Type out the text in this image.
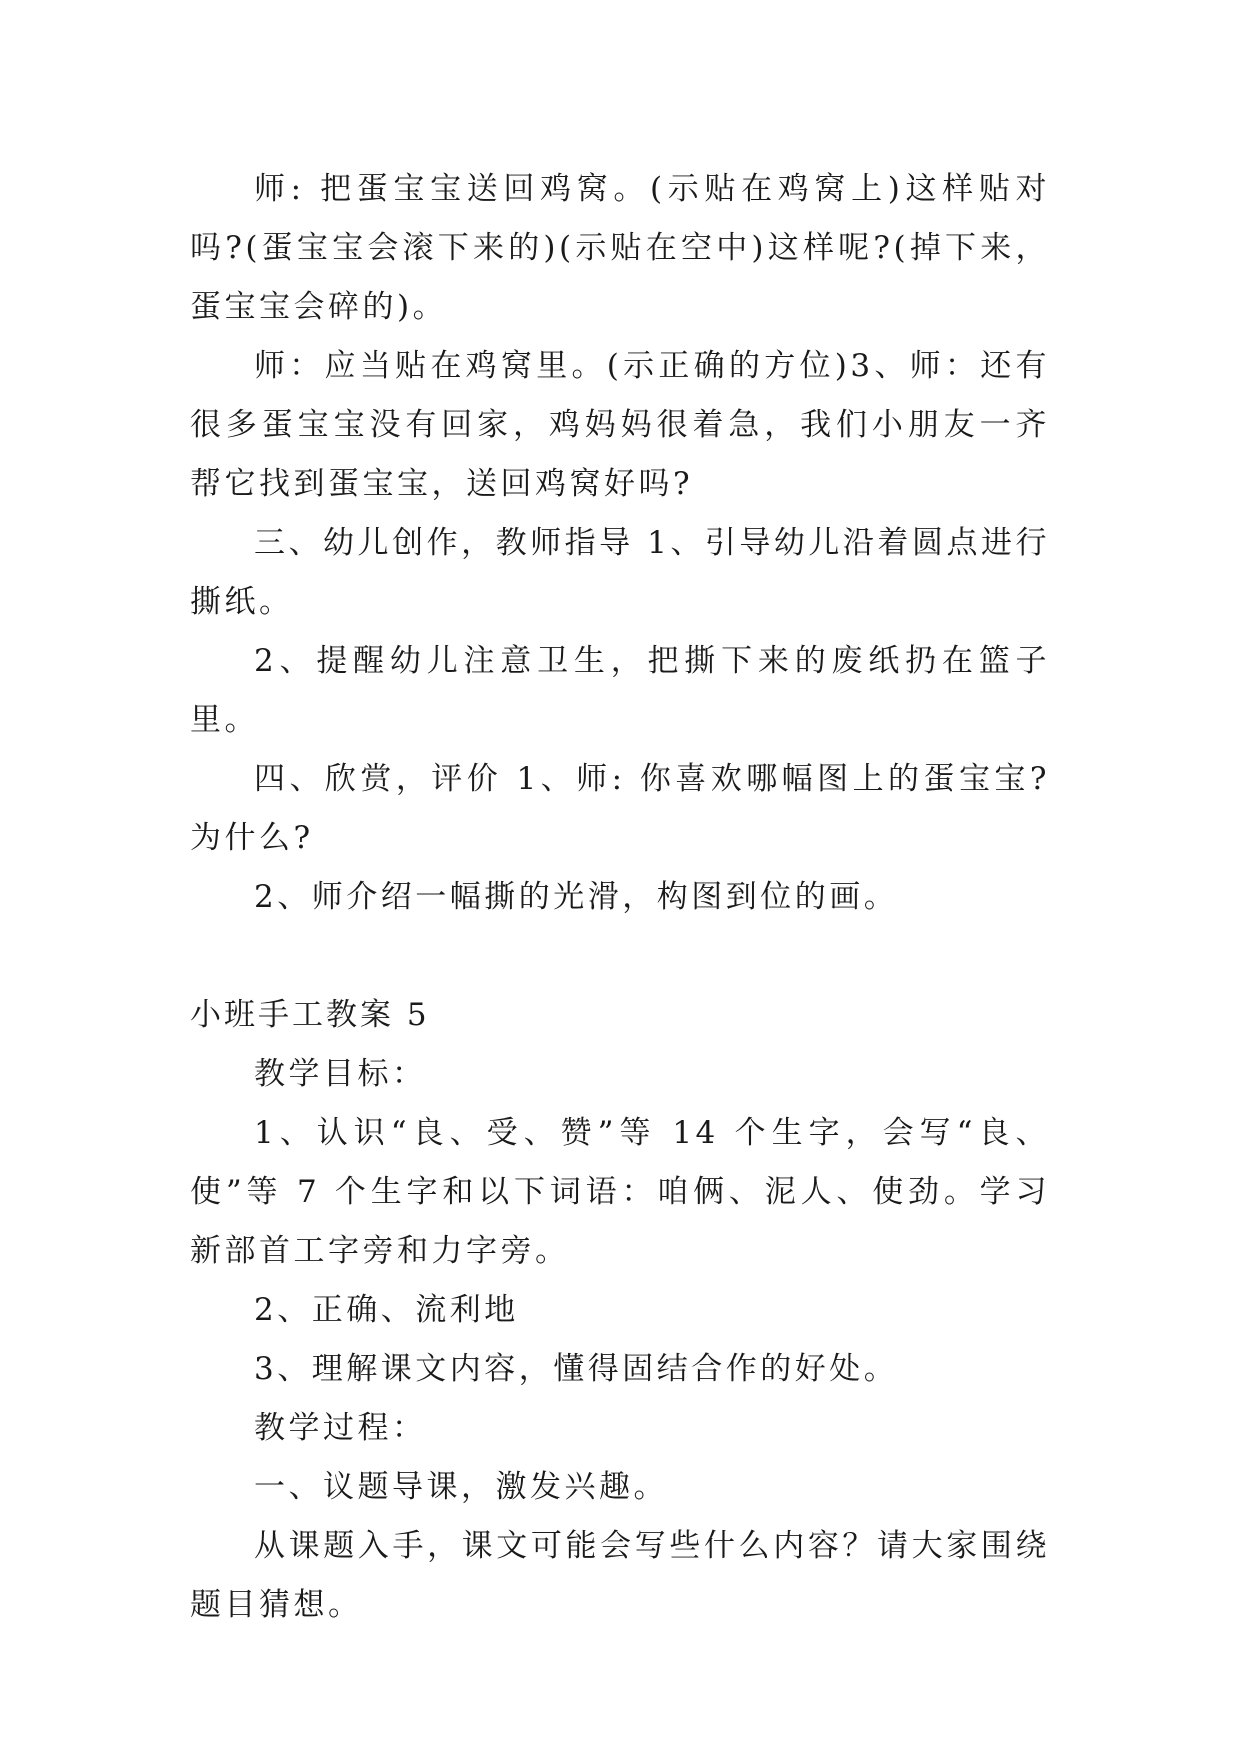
师: 把蛋宝宝送回鸡窝。(示贴在鸡窝上)这样贴对吗?(蛋宝宝会滚下来的)(示贴在空中)这样呢?(掉下来，蛋宝宝会碎的)。

师：应当贴在鸡窝里。(示正确的方位)3、师：还有很多蛋宝宝没有回家，鸡妈妈很着急，我们小朋友一齐帮它找到蛋宝宝，送回鸡窝好吗?

三、幼儿创作，教师指导 1、引导幼儿沿着圆点进行撕纸。

2、提醒幼儿注意卫生，把撕下来的废纸扔在篮子里。

四、欣赏，评价 1、师: 你喜欢哪幅图上的蛋宝宝?为什么?

2、师介绍一幅撕的光滑，构图到位的画。

小班手工教案 5

教学目标：

1、认识“良、受、赞”等 14 个生字，会写“良、使”等 7 个生字和以下词语：咱俩、泥人、使劲。学习新部首工字旁和力字旁。

2、正确、流利地

3、理解课文内容，懂得固结合作的好处。

教学过程：

一、议题导课，激发兴趣。

从课题入手，课文可能会写些什么内容？请大家围绕题目猜想。
